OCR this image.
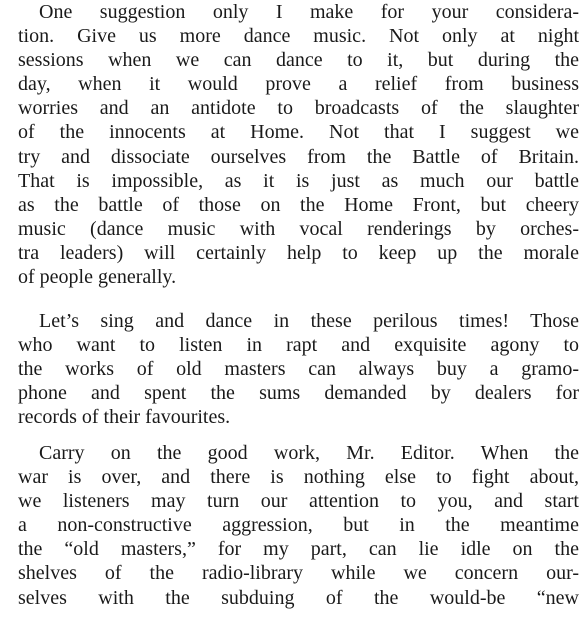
One suggestion only I make for your considera-
tion. Give us more dance music. Not only at night
sessions when we can dance to it, but during the
day, when it would prove a relief from business
worries and an antidote to broadcasts of the slaughter
of the innocents at Home. Not that I suggest we
try and dissociate ourselves from the Battle of Britain.
That is impossible, as it is just as much our battle
as the battle of those on the Home Front, but cheery
music (dance music with vocal renderings by orches-
tra leaders) will certainly help to keep up the morale
of people generally.

Let’s sing and dance in these perilous times! Those
who want to listen in rapt and exquisite agony to
the works of old masters can always buy a gramo-
phone and spent the sums demanded by dealers for
records of their favourites.

Carry on the good work, Mr. Editor. When the
war is over, and there is nothing else to fight about,
we listeners may turn our attention to you, and start
a non-constructive aggression, but in the meantime
the “old masters,” for my part, can lie idle on the
shelves of the radio-library while we concern our-
selves with the subduing of the would-be “new
